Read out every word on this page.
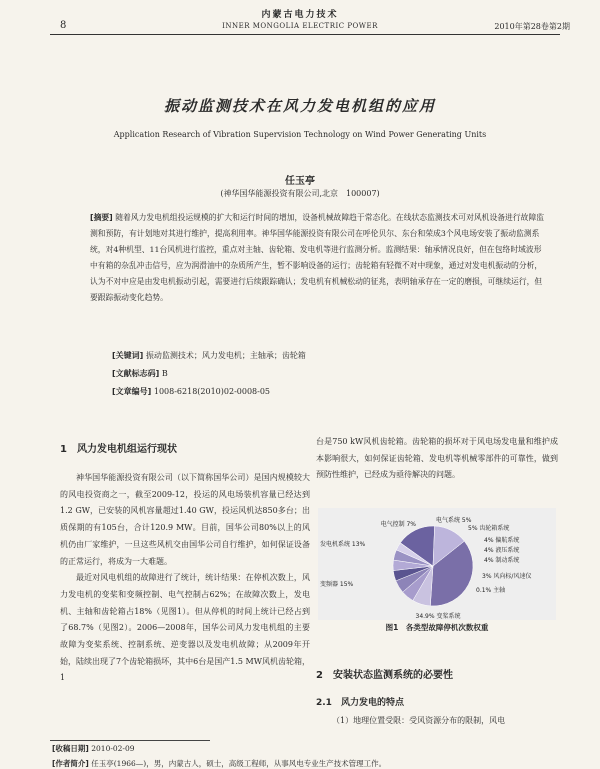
内蒙古电力技术
8	INNER MONGOLIA ELECTRIC POWER	2010年第28卷第2期
振动监测技术在风力发电机组的应用
Application Research of Vibration Supervision Technology on Wind Power Generating Units
任玉亭
(神华国华能源投资有限公司,北京　100007)
[摘要] 随着风力发电机组投运规模的扩大和运行时间的增加，设备机械故障趋于常态化。在线状态监测技术可对风机设备进行故障监测和预防，有计划地对其进行维护，提高利用率。神华国华能源投资有限公司在呼伦贝尔、东台和荣成3个风电场安装了振动监测系统，对4种机型、11台风机进行监控，重点对主轴、齿轮箱、发电机等进行监测分析。监测结果：轴承情况良好，但在包络时域波形中有箱的杂乱冲击信号，应为润滑油中的杂质所产生，暂不影响设备的运行；齿轮箱有轻微不对中现象，通过对发电机振动的分析，认为不对中应是由发电机振动引起，需要进行后续跟踪确认；发电机有机械松动的征兆，表明轴承存在一定的磨损，可继续运行，但要跟踪振动变化趋势。
[关键词] 振动监测技术；风力发电机；主轴承；齿轮箱
[文献标志码] B
[文章编号] 1008-6218(2010)02-0008-05
1　风力发电机组运行现状

神华国华能源投资有限公司（以下简称国华公司）是国内规模较大的风电投资商之一，截至2009-12，投运的风电场装机容量已经达到1.2 GW，已安装的风机容量超过1.40 GW，投运风机达850多台；出质保期的有105台，合计120.9 MW。目前，国华公司80%以上的风机仍由厂家维护，一旦这些风机交由国华公司自行维护，如何保证设备的正常运行，将成为一大难题。

最近对风电机组的故障进行了统计，统计结果：在停机次数上，风力发电机的变桨和变频控制、电气控制占62%；在故障次数上，发电机、主轴和齿轮箱占18%（见图1）。但从停机的时间上统计已经占到了68.7%（见图2）。2006—2008年，国华公司风力发电机组的主要故障为变桨系统、控制系统、逆变器以及发电机故障；从2009年开始，陆续出现了7个齿轮箱损坏，其中6台是国产1.5 MW风机齿轮箱，1

台是750 kW风机齿轮箱。齿轮箱的损坏对于风电场发电量和维护成本影响很大，如何保证齿轮箱、发电机等机械零部件的可靠性，做到预防性维护，已经成为亟待解决的问题。

34.9% 变桨系统
电气控制 7%
电气系统 5%
5% 齿轮箱系统
4% 偏航系统
4% 液压系统
4% 制动系统
3% 风向标/风速仪
0.1% 主轴
变频器 15%
发电机系统 13%
图1　各类型故障停机次数权重
2　安装状态监测系统的必要性
2.1　风力发电的特点

（1）地理位置受限：受风资源分布的限制，风电

[收稿日期] 2010-02-09
[作者简介] 任玉亭(1966—)，男，内蒙古人，硕士，高级工程师，从事风电专业生产技术管理工作。
